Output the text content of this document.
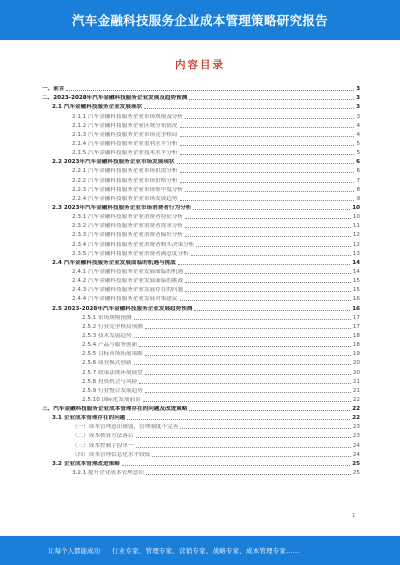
汽车金融科技服务企业成本管理策略研究报告
内容目录
一、前言	3
二、2023-2028年汽车金融科技服务企业发展及趋势预测	3
2.1 汽车金融科技服务企业发展现状	3
2.1.1 汽车金融科技服务企业市场规模及分析	3
2.1.2 汽车金融科技服务企业区域分布情况	4
2.1.3 汽车金融科技服务企业市场竞争格局	4
2.1.4 汽车金融科技服务企业盈利水平分析	5
2.1.5 汽车金融科技服务企业技术水平分析	5
2.2 2023年汽车金融科技服务企业市场发展现状	6
2.2.1 汽车金融科技服务企业市场供需分析	6
2.2.2 汽车金融科技服务企业市场价格分析	7
2.2.3 汽车金融科技服务企业市场集中度分析	8
2.2.4 汽车金融科技服务企业市场发展趋势	9
2.3 2023年汽车金融科技服务企业市场消费者行为分析	10
2.3.1 汽车金融科技服务企业消费者特征分析	10
2.3.2 汽车金融科技服务企业消费者需求分析	11
2.3.3 汽车金融科技服务企业消费者偏好分析	12
2.3.4 汽车金融科技服务企业消费者购买决策分析	12
2.3.5 汽车金融科技服务企业消费者满意度分析	13
2.4 汽车金融科技服务企业发展面临的机遇与挑战	14
2.4.1 汽车金融科技服务企业发展面临的机遇	14
2.4.2 汽车金融科技服务企业发展面临的挑战	15
2.4.3 汽车金融科技服务企业发展存在的问题	15
2.4.4 汽车金融科技服务企业发展对策建议	16
2.5 2023-2028年汽车金融科技服务企业发展趋势预测	16
2.5.1 市场规模预测	17
2.5.2 行业竞争格局预测	17
2.5.3 技术发展趋势	18
2.5.4 产品与服务创新	18
2.5.5 目标市场拓展策略	19
2.5.6 商业模式创新	20
2.5.7 政策法规环境展望	20
2.5.8 投资机会与风险	21
2.5.9 行业整合发展趋势	21
2.5.10 国际化发展前景	22
三、汽车金融科技服务企业成本管理存在的问题及改进策略	22
3.1 企业成本管理存在的问题	22
（一）成本管理意识薄弱，管理制度不完善	23
（二）成本核算方法落后	23
（三）成本控制手段单一	24
（四）成本管理信息化水平较低	24
3.2 企业成本管理改进策略	25
3.2.1 提升企业成本管理意识	25
1
让每个人都能成功 行业专家、管理专家、营销专家、战略专家、成本管理专家……
